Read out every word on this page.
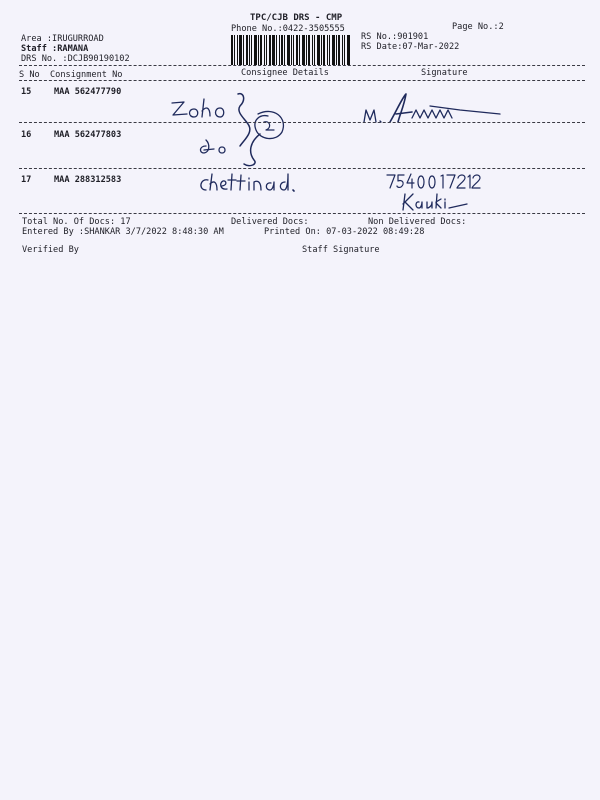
TPC/CJB DRS - CMP
Phone No.:0422-3505555	Page No.:2
Area :IRUGURROAD
Staff :RAMANA
DRS No. :DCJB90190102
RS No.:901901
RS Date:07-Mar-2022
S No Consignment No	Consignee Details	Signature
15	MAA 562477790
16	MAA 562477803
17	MAA 288312583
Total No. Of Docs: 17	Delivered Docs:	Non Delivered Docs:
Entered By :SHANKAR 3/7/2022 8:48:30 AM	Printed On: 07-03-2022 08:49:28
Verified By	Staff Signature
